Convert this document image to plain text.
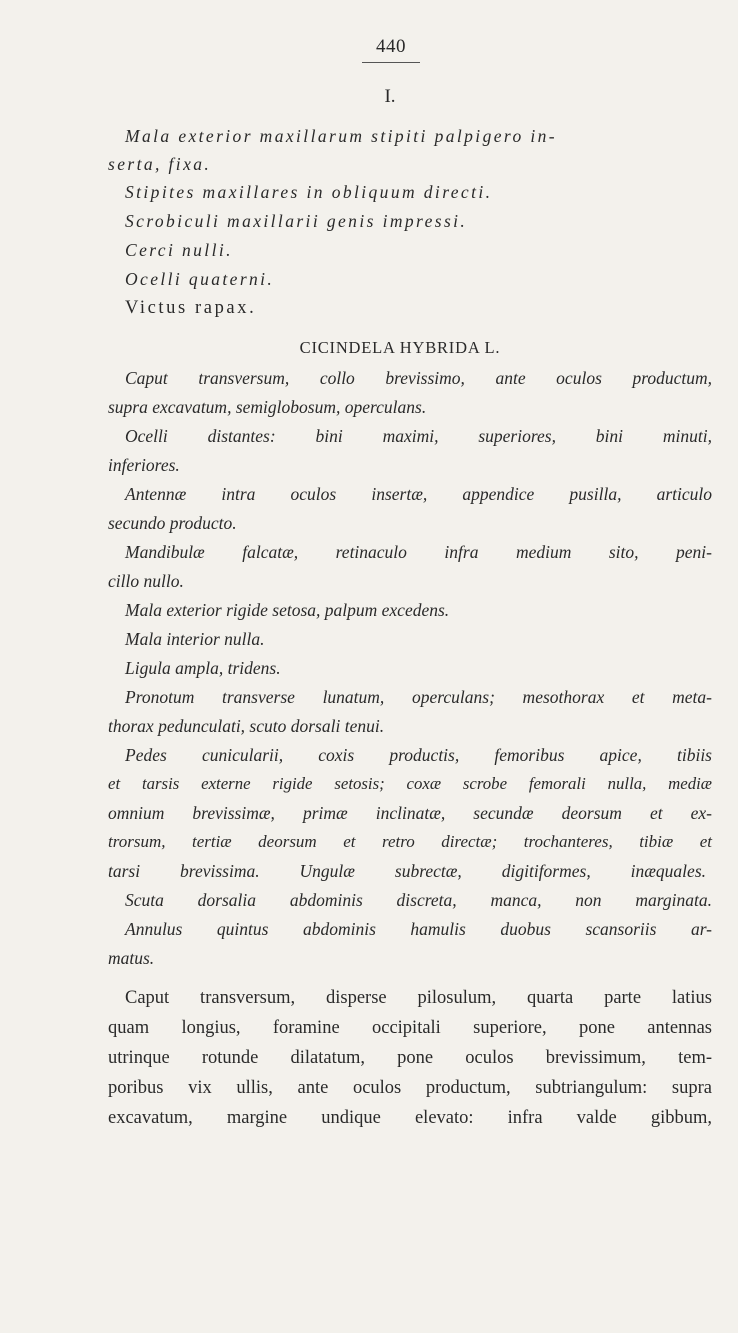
440
I.
Mala exterior maxillarum stipiti palpigero in-
serta, fixa.
Stipites maxillares in obliquum directi.
Scrobiculi maxillarii genis impressi.
Cerci nulli.
Ocelli quaterni.
Victus rapax.
CICINDELA HYBRIDA L.
Caput transversum, collo brevissimo, ante oculos productum,
supra excavatum, semiglobosum, operculans.
Ocelli distantes: bini maximi, superiores, bini minuti,
inferiores.
Antennæ intra oculos insertæ, appendice pusilla, articulo
secundo producto.
Mandibulæ falcatæ, retinaculo infra medium sito, peni-
cillo nullo.
Mala exterior rigide setosa, palpum excedens.
Mala interior nulla.
Ligula ampla, tridens.
Pronotum transverse lunatum, operculans; mesothorax et meta-
thorax pedunculati, scuto dorsali tenui.
Pedes cunicularii, coxis productis, femoribus apice, tibiis
et tarsis externe rigide setosis; coxæ scrobe femorali nulla, mediæ
omnium brevissimæ, primæ inclinatæ, secundæ deorsum et ex-
trorsum, tertiæ deorsum et retro directæ; trochanteres, tibiæ et
tarsi brevissima. Ungulæ subrectæ, digitiformes, inæquales.
Scuta dorsalia abdominis discreta, manca, non marginata.
Annulus quintus abdominis hamulis duobus scansoriis ar-
matus.
Caput transversum, disperse pilosulum, quarta parte latius
quam longius, foramine occipitali superiore, pone antennas
utrinque rotunde dilatatum, pone oculos brevissimum, tem-
poribus vix ullis, ante oculos productum, subtriangulum: supra
excavatum, margine undique elevato: infra valde gibbum,
